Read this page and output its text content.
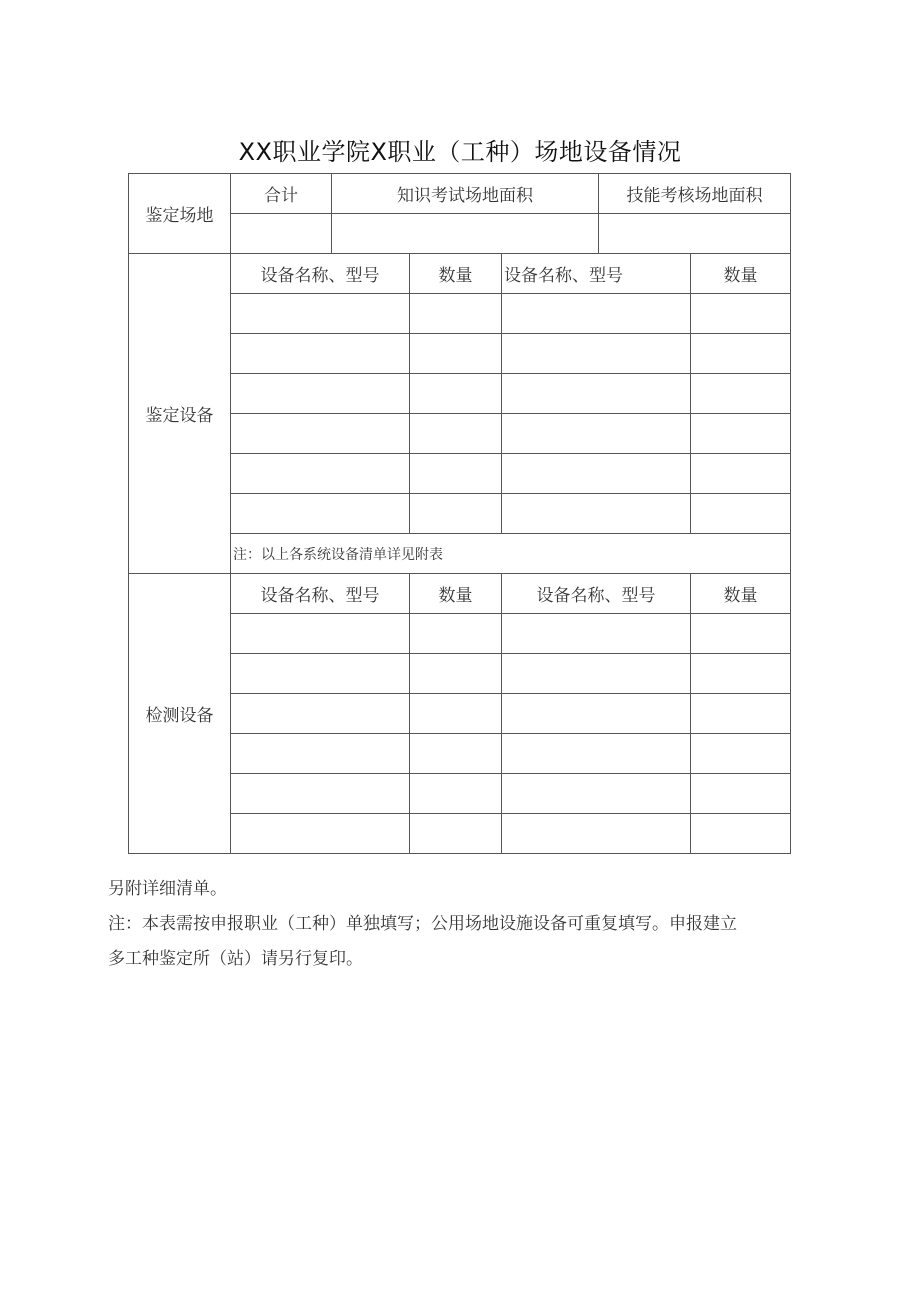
XX职业学院X职业（工种）场地设备情况
鉴定场地	合计	知识考试场地面积			技能考核场地面积	

鉴定设备	设备名称、型号		数量	设备名称、型号		数量

	注：以上各系统设备清单详见附表					
检测设备	设备名称、型号		数量	设备名称、型号		数量

另附详细清单。

注：本表需按申报职业（工种）单独填写；公用场地设施设备可重复填写。申报建立

多工种鉴定所（站）请另行复印。
